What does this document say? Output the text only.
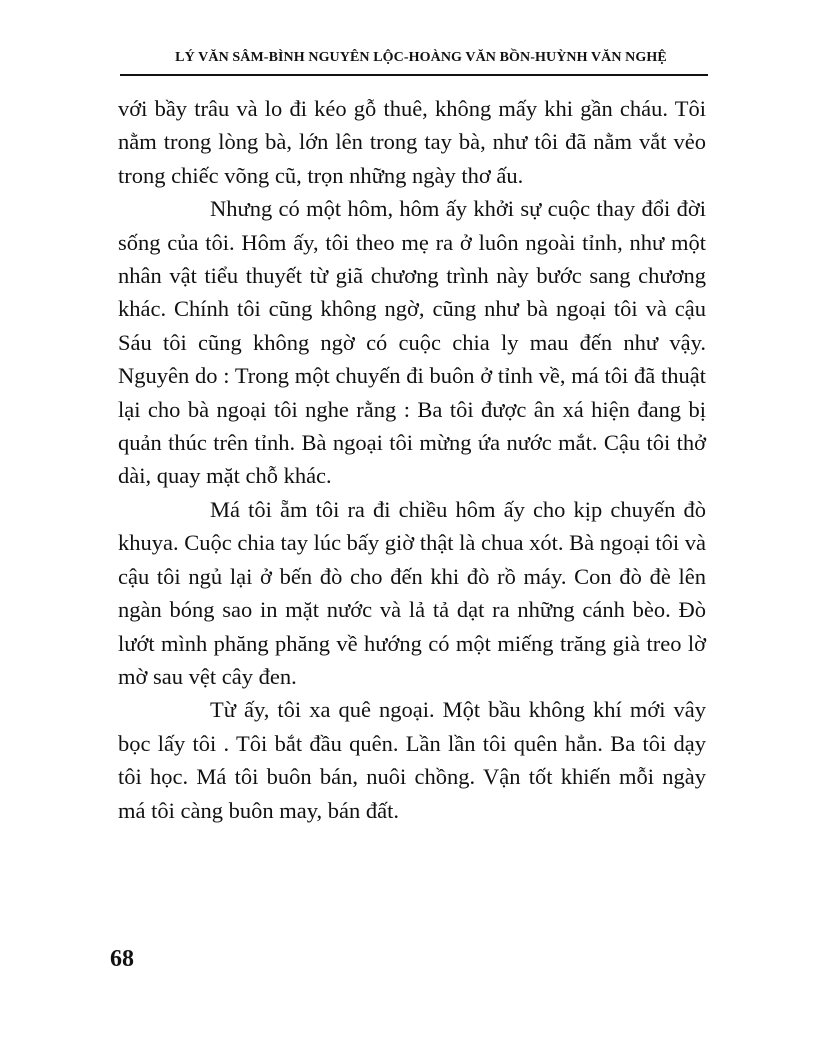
LÝ VĂN SÂM-BÌNH NGUYÊN LỘC-HOÀNG VĂN BỒN-HUỲNH VĂN NGHỆ

với bầy trâu và lo đi kéo gỗ thuê, không mấy khi gần cháu. Tôi nằm trong lòng bà, lớn lên trong tay bà, như tôi đã nằm vắt vẻo trong chiếc võng cũ, trọn những ngày thơ ấu.

Nhưng có một hôm, hôm ấy khởi sự cuộc thay đổi đời sống của tôi. Hôm ấy, tôi theo mẹ ra ở luôn ngoài tỉnh, như một nhân vật tiểu thuyết từ giã chương trình này bước sang chương khác. Chính tôi cũng không ngờ, cũng như bà ngoại tôi và cậu Sáu tôi cũng không ngờ có cuộc chia ly mau đến như vậy. Nguyên do : Trong một chuyến đi buôn ở tỉnh về, má tôi đã thuật lại cho bà ngoại tôi nghe rằng : Ba tôi được ân xá hiện đang bị quản thúc trên tỉnh. Bà ngoại tôi mừng ứa nước mắt. Cậu tôi thở dài, quay mặt chỗ khác.

Má tôi ẵm tôi ra đi chiều hôm ấy cho kịp chuyến đò khuya. Cuộc chia tay lúc bấy giờ thật là chua xót. Bà ngoại tôi và cậu tôi ngủ lại ở bến đò cho đến khi đò rồ máy. Con đò đè lên ngàn bóng sao in mặt nước và lả tả dạt ra những cánh bèo. Đò lướt mình phăng phăng về hướng có một miếng trăng già treo lờ mờ sau vệt cây đen.

Từ ấy, tôi xa quê ngoại. Một bầu không khí mới vây bọc lấy tôi . Tôi bắt đầu quên. Lần lần tôi quên hẳn. Ba tôi dạy tôi học. Má tôi buôn bán, nuôi chồng. Vận tốt khiến mỗi ngày má tôi càng buôn may, bán đất.

68
